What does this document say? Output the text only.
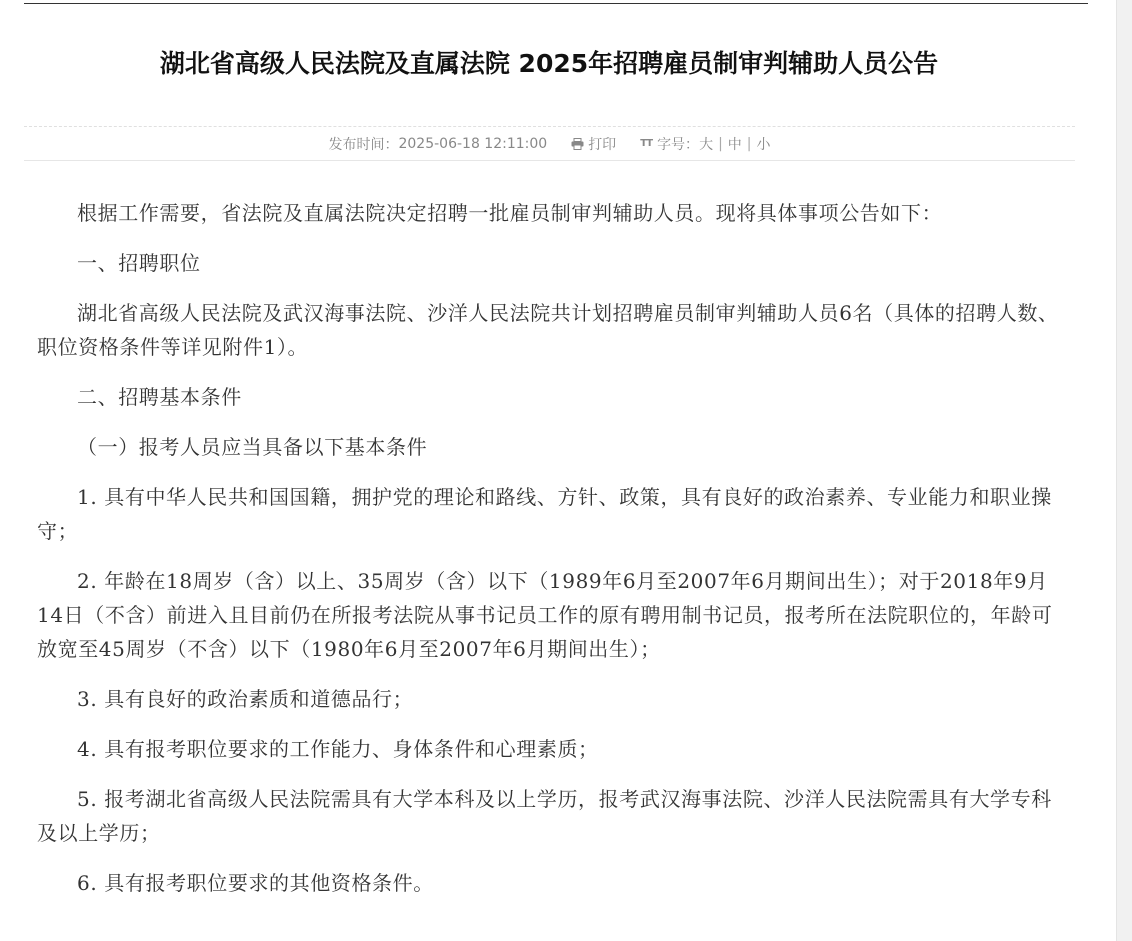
湖北省高级人民法院及直属法院 2025年招聘雇员制审判辅助人员公告
发布时间： 2025-06-18 12:11:00	打印 TT 字号： 大 | 中 | 小

根据工作需要，省法院及直属法院决定招聘一批雇员制审判辅助人员。现将具体事项公告如下：

一、招聘职位

湖北省高级人民法院及武汉海事法院、沙洋人民法院共计划招聘雇员制审判辅助人员6名（具体的招聘人数、职位资格条件等详见附件1）。

二、招聘基本条件

（一）报考人员应当具备以下基本条件

1. 具有中华人民共和国国籍，拥护党的理论和路线、方针、政策，具有良好的政治素养、专业能力和职业操守；

2. 年龄在18周岁（含）以上、35周岁（含）以下（1989年6月至2007年6月期间出生）；对于2018年9月14日（不含）前进入且目前仍在所报考法院从事书记员工作的原有聘用制书记员，报考所在法院职位的，年龄可放宽至45周岁（不含）以下（1980年6月至2007年6月期间出生）；

3. 具有良好的政治素质和道德品行；

4. 具有报考职位要求的工作能力、身体条件和心理素质；

5. 报考湖北省高级人民法院需具有大学本科及以上学历，报考武汉海事法院、沙洋人民法院需具有大学专科及以上学历；

6. 具有报考职位要求的其他资格条件。
